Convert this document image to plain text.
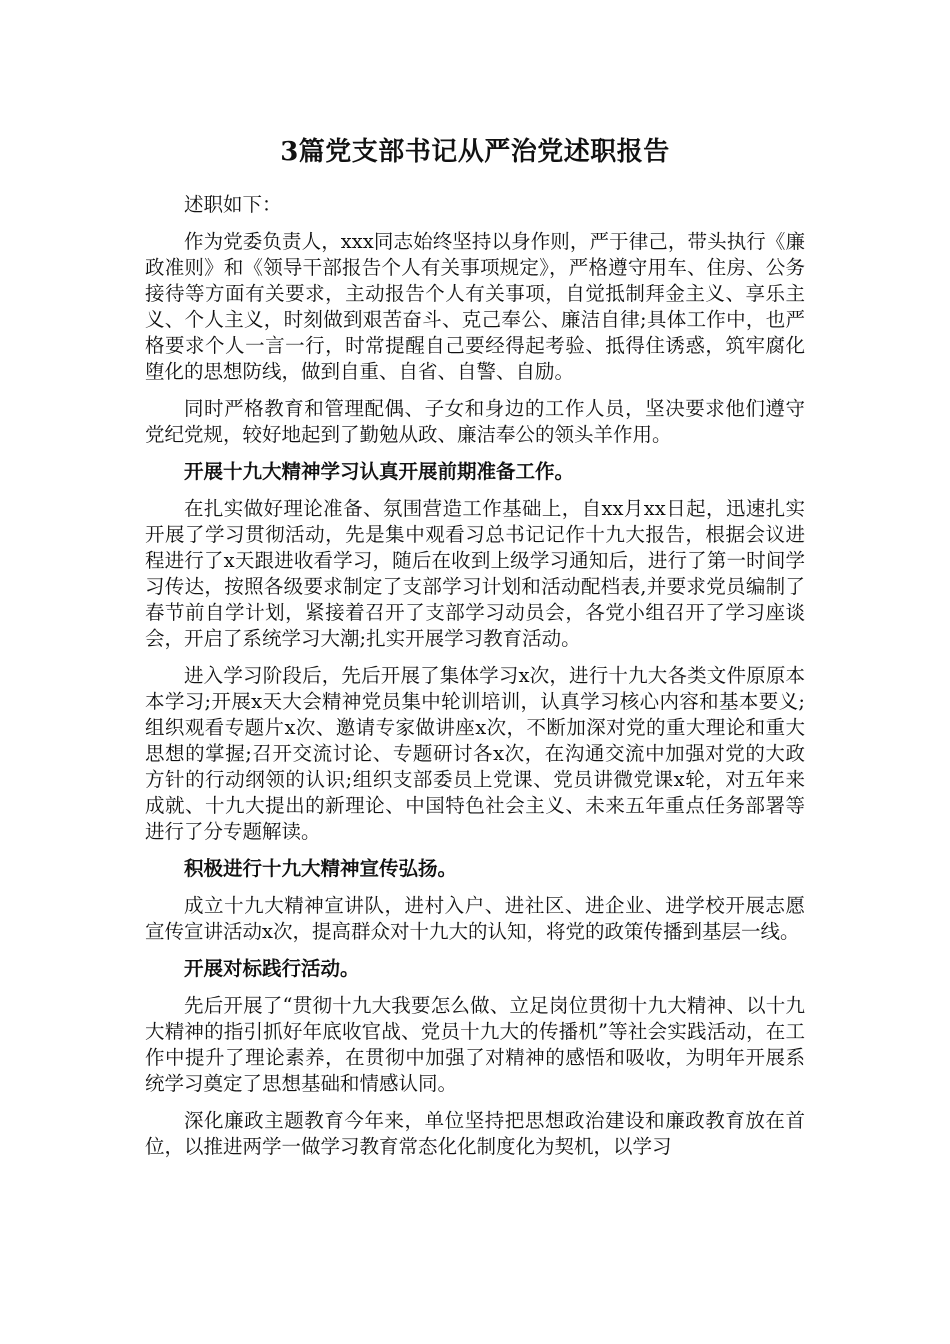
3篇党支部书记从严治党述职报告

述职如下：

作为党委负责人，xxx同志始终坚持以身作则，严于律己，带头执行《廉政准则》和《领导干部报告个人有关事项规定》，严格遵守用车、住房、公务接待等方面有关要求，主动报告个人有关事项，自觉抵制拜金主义、享乐主义、个人主义，时刻做到艰苦奋斗、克己奉公、廉洁自律;具体工作中，也严格要求个人一言一行，时常提醒自己要经得起考验、抵得住诱惑，筑牢腐化堕化的思想防线，做到自重、自省、自警、自励。

同时严格教育和管理配偶、子女和身边的工作人员，坚决要求他们遵守党纪党规，较好地起到了勤勉从政、廉洁奉公的领头羊作用。

开展十九大精神学习认真开展前期准备工作。

在扎实做好理论准备、氛围营造工作基础上，自xx月xx日起，迅速扎实开展了学习贯彻活动，先是集中观看习总书记记作十九大报告，根据会议进程进行了x天跟进收看学习，随后在收到上级学习通知后，进行了第一时间学习传达，按照各级要求制定了支部学习计划和活动配档表,并要求党员编制了春节前自学计划，紧接着召开了支部学习动员会，各党小组召开了学习座谈会，开启了系统学习大潮;扎实开展学习教育活动。

进入学习阶段后，先后开展了集体学习x次，进行十九大各类文件原原本本学习;开展x天大会精神党员集中轮训培训，认真学习核心内容和基本要义;组织观看专题片x次、邀请专家做讲座x次，不断加深对党的重大理论和重大思想的掌握;召开交流讨论、专题研讨各x次，在沟通交流中加强对党的大政方针的行动纲领的认识;组织支部委员上党课、党员讲微党课x轮，对五年来成就、十九大提出的新理论、中国特色社会主义、未来五年重点任务部署等进行了分专题解读。

积极进行十九大精神宣传弘扬。

成立十九大精神宣讲队，进村入户、进社区、进企业、进学校开展志愿宣传宣讲活动x次，提高群众对十九大的认知，将党的政策传播到基层一线。

开展对标践行活动。

先后开展了“贯彻十九大我要怎么做、立足岗位贯彻十九大精神、以十九大精神的指引抓好年底收官战、党员十九大的传播机”等社会实践活动，在工作中提升了理论素养，在贯彻中加强了对精神的感悟和吸收，为明年开展系统学习奠定了思想基础和情感认同。

深化廉政主题教育今年来，单位坚持把思想政治建设和廉政教育放在首位，以推进两学一做学习教育常态化化制度化为契机，以学习
